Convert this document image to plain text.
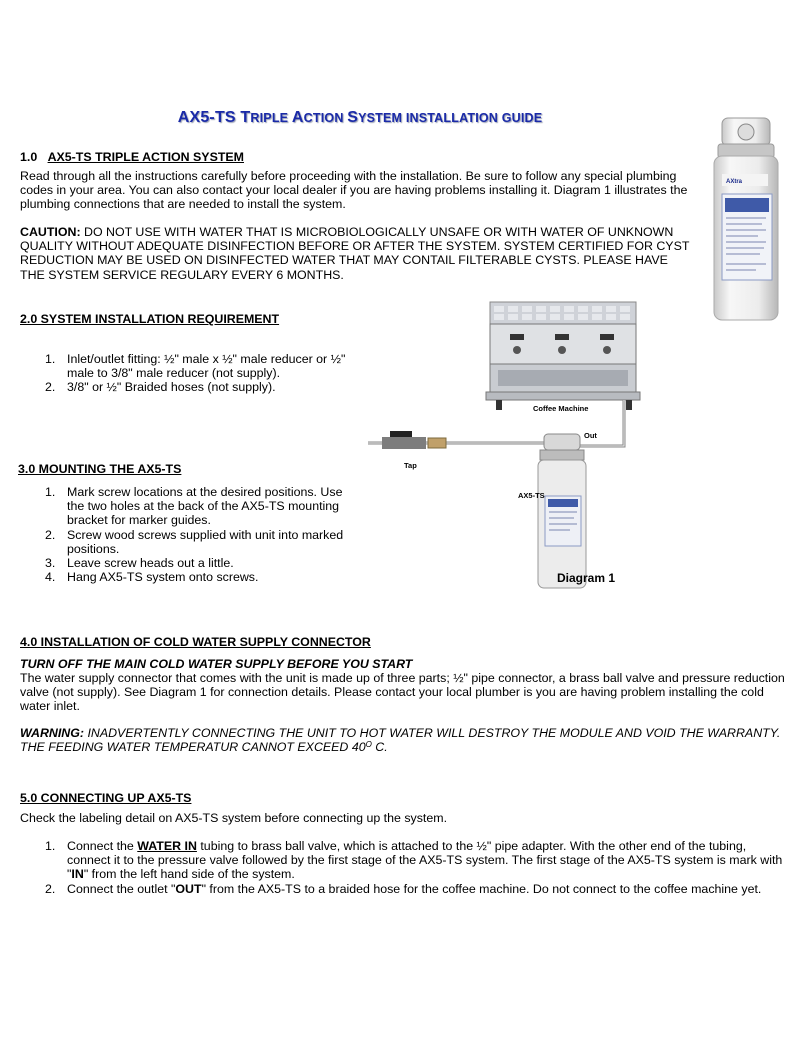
AX5-TS TRIPLE ACTION SYSTEM INSTALLATION GUIDE
AXtra
1.0 AX5-TS TRIPLE ACTION SYSTEM
Read through all the instructions carefully before proceeding with the installation. Be sure to follow any special plumbing codes in your area. You can also contact your local dealer if you are having problems installing it. Diagram 1 illustrates the plumbing connections that are needed to install the system.
CAUTION: DO NOT USE WITH WATER THAT IS MICROBIOLOGICALLY UNSAFE OR WITH WATER OF UNKNOWN QUALITY WITHOUT ADEQUATE DISINFECTION BEFORE OR AFTER THE SYSTEM. SYSTEM CERTIFIED FOR CYST REDUCTION MAY BE USED ON DISINFECTED WATER THAT MAY CONTAIL FILTERABLE CYSTS. PLEASE HAVE THE SYSTEM SERVICE REGULARY EVERY 6 MONTHS.
2.0 SYSTEM INSTALLATION REQUIREMENT
1. Inlet/outlet fitting: ½" male x ½" male reducer or ½" male to 3/8" male reducer (not supply).
2. 3/8" or ½" Braided hoses (not supply).
3.0 MOUNTING THE AX5-TS
1. Mark screw locations at the desired positions. Use the two holes at the back of the AX5-TS mounting bracket for marker guides.
2. Screw wood screws supplied with unit into marked positions.
3. Leave screw heads out a little.
4. Hang AX5-TS system onto screws.
Coffee Machine
Tap
Out
AX5-TS
Diagram 1
4.0 INSTALLATION OF COLD WATER SUPPLY CONNECTOR
TURN OFF THE MAIN COLD WATER SUPPLY BEFORE YOU START
The water supply connector that comes with the unit is made up of three parts; ½" pipe connector, a brass ball valve and pressure reduction valve (not supply). See Diagram 1 for connection details. Please contact your local plumber is you are having problem installing the cold water inlet.
WARNING: INADVERTENTLY CONNECTING THE UNIT TO HOT WATER WILL DESTROY THE MODULE AND VOID THE WARRANTY. THE FEEDING WATER TEMPERATUR CANNOT EXCEED $40^O$ C.
5.0 CONNECTING UP AX5-TS
Check the labeling detail on AX5-TS system before connecting up the system.
1. Connect the WATER IN tubing to brass ball valve, which is attached to the ½" pipe adapter. With the other end of the tubing, connect it to the pressure valve followed by the first stage of the AX5-TS system. The first stage of the AX5-TS system is mark with "IN" from the left hand side of the system.
2. Connect the outlet "OUT" from the AX5-TS to a braided hose for the coffee machine. Do not connect to the coffee machine yet.
